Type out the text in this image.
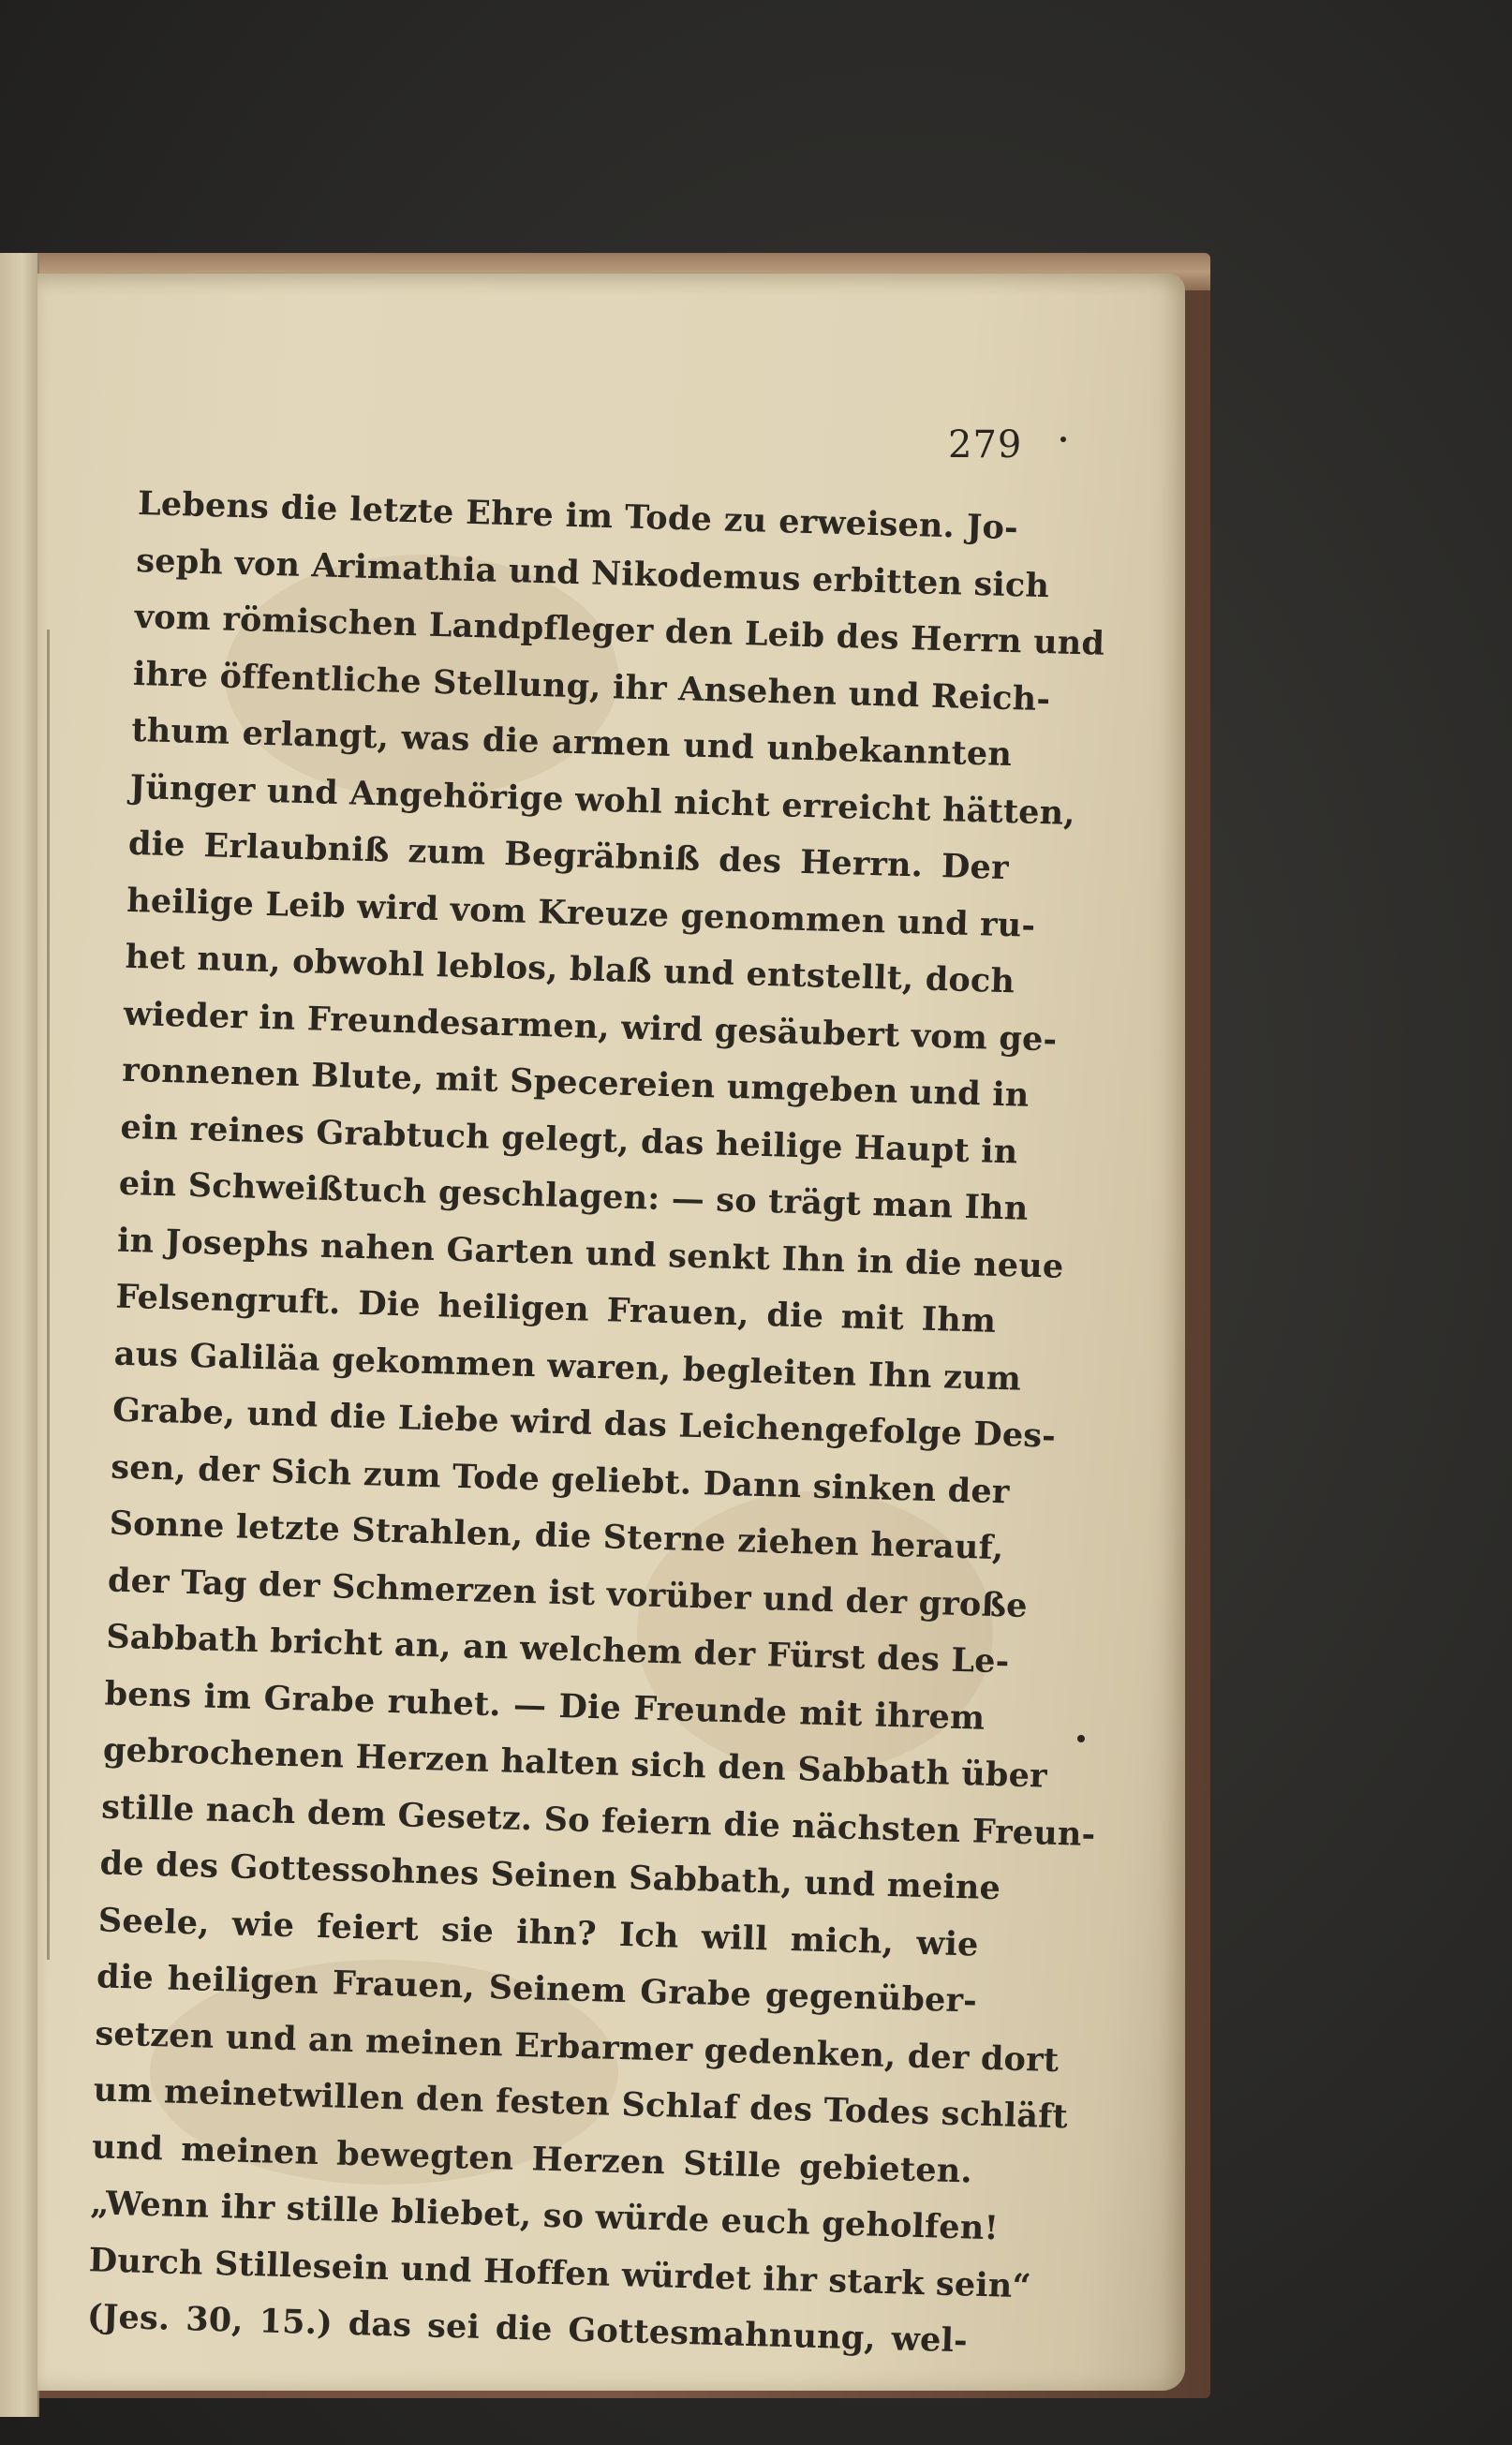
279
Lebens die letzte Ehre im Tode zu erweisen. Jo-
seph von Arimathia und Nikodemus erbitten sich
vom römischen Landpfleger den Leib des Herrn und
ihre öffentliche Stellung, ihr Ansehen und Reich-
thum erlangt, was die armen und unbekannten
Jünger und Angehörige wohl nicht erreicht hätten,
die Erlaubniß zum Begräbniß des Herrn. Der
heilige Leib wird vom Kreuze genommen und ru-
het nun, obwohl leblos, blaß und entstellt, doch
wieder in Freundesarmen, wird gesäubert vom ge-
ronnenen Blute, mit Specereien umgeben und in
ein reines Grabtuch gelegt, das heilige Haupt in
ein Schweißtuch geschlagen: — so trägt man Ihn
in Josephs nahen Garten und senkt Ihn in die neue
Felsengruft. Die heiligen Frauen, die mit Ihm
aus Galiläa gekommen waren, begleiten Ihn zum
Grabe, und die Liebe wird das Leichengefolge Des-
sen, der Sich zum Tode geliebt. Dann sinken der
Sonne letzte Strahlen, die Sterne ziehen herauf,
der Tag der Schmerzen ist vorüber und der große
Sabbath bricht an, an welchem der Fürst des Le-
bens im Grabe ruhet. — Die Freunde mit ihrem
gebrochenen Herzen halten sich den Sabbath über
stille nach dem Gesetz. So feiern die nächsten Freun-
de des Gottessohnes Seinen Sabbath, und meine
Seele, wie feiert sie ihn? Ich will mich, wie
die heiligen Frauen, Seinem Grabe gegenüber-
setzen und an meinen Erbarmer gedenken, der dort
um meinetwillen den festen Schlaf des Todes schläft
und meinen bewegten Herzen Stille gebieten.
„Wenn ihr stille bliebet, so würde euch geholfen!
Durch Stillesein und Hoffen würdet ihr stark sein“
(Jes. 30, 15.) das sei die Gottesmahnung, wel-
